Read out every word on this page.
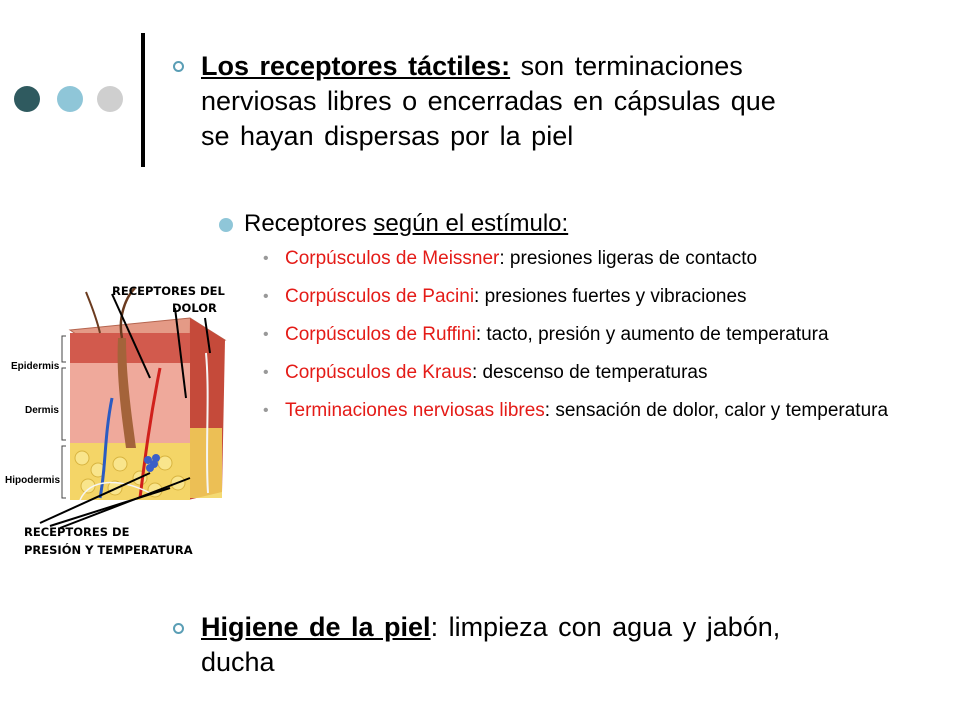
Los receptores táctiles: son terminaciones
nerviosas libres o encerradas en cápsulas que
se hayan dispersas por la piel
Receptores según el estímulo:
• Corpúsculos de Meissner: presiones ligeras de contacto
• Corpúsculos de Pacini: presiones fuertes y vibraciones
• Corpúsculos de Ruffini: tacto, presión y aumento de temperatura
• Corpúsculos de Kraus: descenso de temperaturas
• Terminaciones nerviosas libres: sensación de dolor, calor y temperatura
RECEPTORES DEL
DOLOR
Epidermis
Dermis
Hipodermis
RECEPTORES DE
PRESIÓN Y TEMPERATURA
Higiene de la piel: limpieza con agua y jabón,
ducha
